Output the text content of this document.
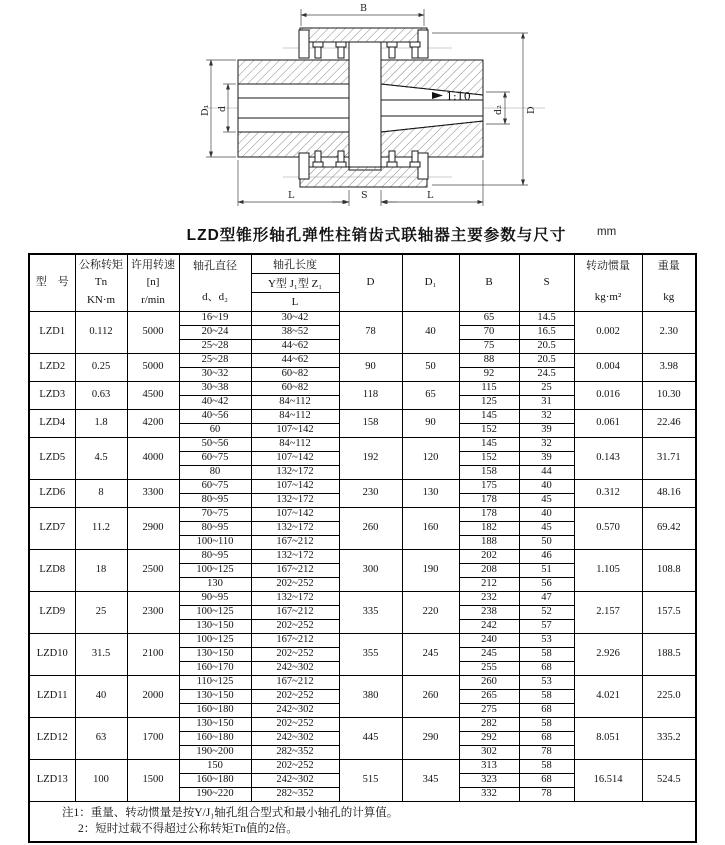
B
D₁ d	d₂ D
L	S	L
1:10
LZD型锥形轴孔弹性柱销齿式联轴器主要参数与尺寸	mm
型　号

公称转矩
Tn
KN·m

许用转速
[n]
r/min

轴孔直径
d、d₂

轴孔长度
Y型 J₁型 Z₁
L

D	D₁	B	S

转动惯量
kg·m²

重量
kg

LZD1	0.112	5000	16~19	30~42	78	40	65	14.5	0.002	2.30
			20~24	38~52			70	16.5		
			25~28	44~62			75	20.5		
LZD2	0.25	5000	25~28	44~62	90	50	88	20.5	0.004	3.98
			30~32	60~82			92	24.5		
LZD3	0.63	4500	30~38	60~82	118	65	115	25	0.016	10.30
			40~42	84~112			125	31		
LZD4	1.8	4200	40~56	84~112	158	90	145	32	0.061	22.46
			60	107~142			152	39		
LZD5	4.5	4000	50~56	84~112	192	120	145	32	0.143	31.71
			60~75	107~142			152	39		
			80	132~172			158	44		
LZD6	8	3300	60~75	107~142	230	130	175	40	0.312	48.16
			80~95	132~172			178	45		
LZD7	11.2	2900	70~75	107~142	260	160	178	40	0.570	69.42
			80~95	132~172			182	45		
			100~110	167~212			188	50		
LZD8	18	2500	80~95	132~172	300	190	202	46	1.105	108.8
			100~125	167~212			208	51		
			130	202~252			212	56		
LZD9	25	2300	90~95	132~172	335	220	232	47	2.157	157.5
			100~125	167~212			238	52		
			130~150	202~252			242	57		
LZD10	31.5	2100	100~125	167~212	355	245	240	53	2.926	188.5
			130~150	202~252			245	58		
			160~170	242~302			255	68		
LZD11	40	2000	110~125	167~212	380	260	260	53	4.021	225.0
			130~150	202~252			265	58		
			160~180	242~302			275	68		
LZD12	63	1700	130~150	202~252	445	290	282	58	8.051	335.2
			160~180	242~302			292	68		
			190~200	282~352			302	78		
LZD13	100	1500	150	202~252	515	345	313	58	16.514	524.5
			160~180	242~302			323	68		
			190~220	282~352			332	78		

注1：重量、转动惯量是按Y/J₁轴孔组合型式和最小轴孔的计算值。
2：短时过载不得超过公称转矩Tn值的2倍。										
